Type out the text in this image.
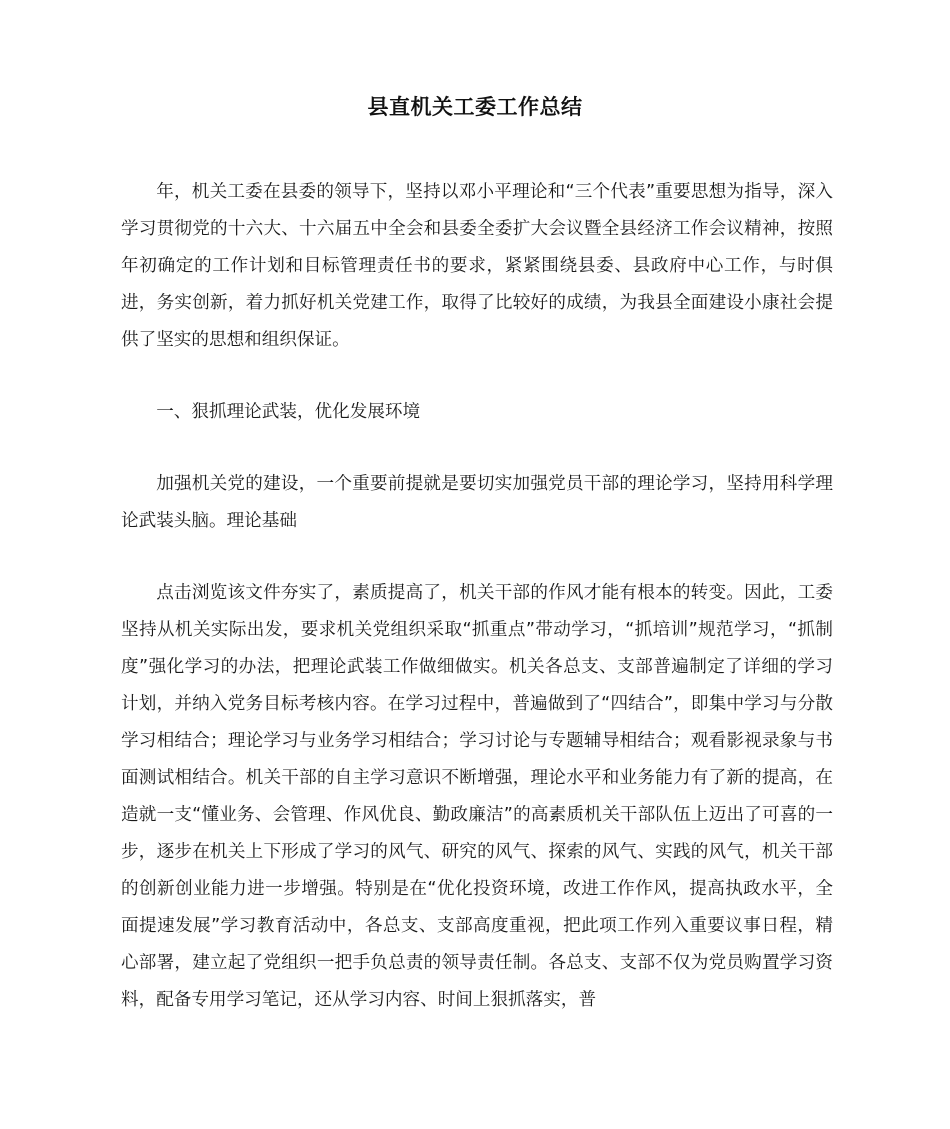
县直机关工委工作总结

年，机关工委在县委的领导下，坚持以邓小平理论和“三个代表”重要思想为指导，深入学习贯彻党的十六大、十六届五中全会和县委全委扩大会议暨全县经济工作会议精神，按照年初确定的工作计划和目标管理责任书的要求，紧紧围绕县委、县政府中心工作，与时俱进，务实创新，着力抓好机关党建工作，取得了比较好的成绩，为我县全面建设小康社会提供了坚实的思想和组织保证。

一、狠抓理论武装，优化发展环境

加强机关党的建设，一个重要前提就是要切实加强党员干部的理论学习，坚持用科学理论武装头脑。理论基础

点击浏览该文件夯实了，素质提高了，机关干部的作风才能有根本的转变。因此，工委坚持从机关实际出发，要求机关党组织采取“抓重点”带动学习，“抓培训”规范学习，“抓制度”强化学习的办法，把理论武装工作做细做实。机关各总支、支部普遍制定了详细的学习计划，并纳入党务目标考核内容。在学习过程中，普遍做到了“四结合”，即集中学习与分散学习相结合；理论学习与业务学习相结合；学习讨论与专题辅导相结合；观看影视录象与书面测试相结合。机关干部的自主学习意识不断增强，理论水平和业务能力有了新的提高，在造就一支“懂业务、会管理、作风优良、勤政廉洁”的高素质机关干部队伍上迈出了可喜的一步，逐步在机关上下形成了学习的风气、研究的风气、探索的风气、实践的风气，机关干部的创新创业能力进一步增强。特别是在“优化投资环境，改进工作作风，提高执政水平，全面提速发展”学习教育活动中，各总支、支部高度重视，把此项工作列入重要议事日程，精心部署，建立起了党组织一把手负总责的领导责任制。各总支、支部不仅为党员购置学习资料，配备专用学习笔记，还从学习内容、时间上狠抓落实，普
